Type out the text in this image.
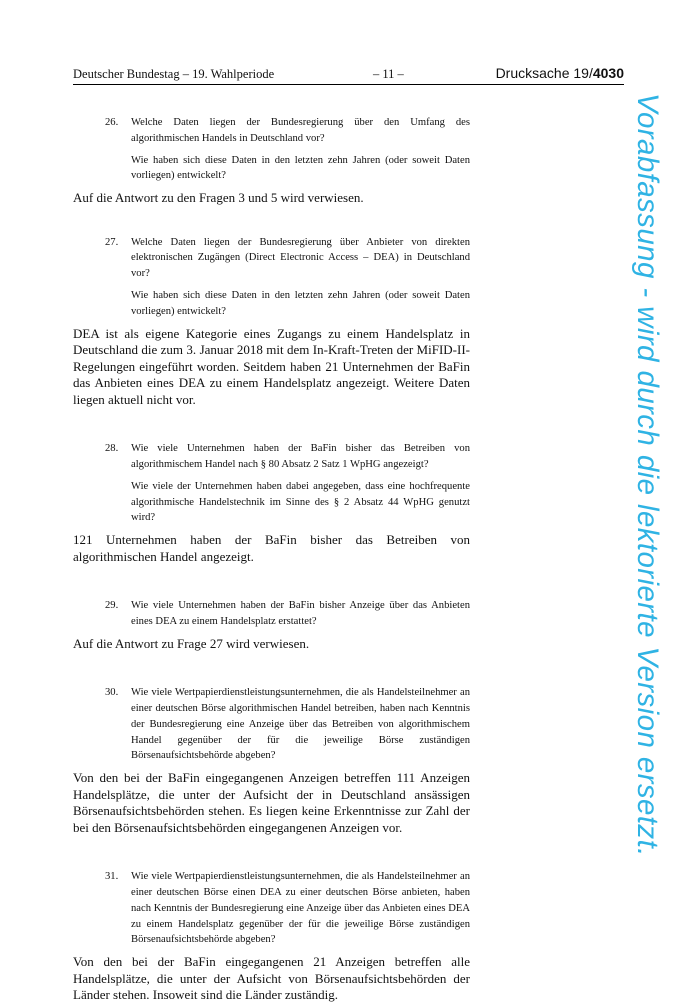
Deutscher Bundestag – 19. Wahlperiode	– 11 –	Drucksache 19/4030
Vorabfassung - wird durch die lektorierte Version ersetzt.
26. Welche Daten liegen der Bundesregierung über den Umfang des algorithmischen Handels in Deutschland vor?

Wie haben sich diese Daten in den letzten zehn Jahren (oder soweit Daten vorliegen) entwickelt?

Auf die Antwort zu den Fragen 3 und 5 wird verwiesen.

27. Welche Daten liegen der Bundesregierung über Anbieter von direkten elektronischen Zugängen (Direct Electronic Access – DEA) in Deutschland vor?

Wie haben sich diese Daten in den letzten zehn Jahren (oder soweit Daten vorliegen) entwickelt?

DEA ist als eigene Kategorie eines Zugangs zu einem Handelsplatz in Deutschland die zum 3. Januar 2018 mit dem In-Kraft-Treten der MiFID-II-Regelungen eingeführt worden. Seitdem haben 21 Unternehmen der BaFin das Anbieten eines DEA zu einem Handelsplatz angezeigt. Weitere Daten liegen aktuell nicht vor.

28. Wie viele Unternehmen haben der BaFin bisher das Betreiben von algorithmischem Handel nach § 80 Absatz 2 Satz 1 WpHG angezeigt?

Wie viele der Unternehmen haben dabei angegeben, dass eine hochfrequente algorithmische Handelstechnik im Sinne des § 2 Absatz 44 WpHG genutzt wird?

121 Unternehmen haben der BaFin bisher das Betreiben von algorithmischen Handel angezeigt.

29. Wie viele Unternehmen haben der BaFin bisher Anzeige über das Anbieten eines DEA zu einem Handelsplatz erstattet?

Auf die Antwort zu Frage 27 wird verwiesen.

30. Wie viele Wertpapierdienstleistungsunternehmen, die als Handelsteilnehmer an einer deutschen Börse algorithmischen Handel betreiben, haben nach Kenntnis der Bundesregierung eine Anzeige über das Betreiben von algorithmischem Handel gegenüber der für die jeweilige Börse zuständigen Börsenaufsichtsbehörde abgeben?

Von den bei der BaFin eingegangenen Anzeigen betreffen 111 Anzeigen Handelsplätze, die unter der Aufsicht der in Deutschland ansässigen Börsenaufsichtsbehörden stehen. Es liegen keine Erkenntnisse zur Zahl der bei den Börsenaufsichtsbehörden eingegangenen Anzeigen vor.

31. Wie viele Wertpapierdienstleistungsunternehmen, die als Handelsteilnehmer an einer deutschen Börse einen DEA zu einer deutschen Börse anbieten, haben nach Kenntnis der Bundesregierung eine Anzeige über das Anbieten eines DEA zu einem Handelsplatz gegenüber der für die jeweilige Börse zuständigen Börsenaufsichtsbehörde abgeben?

Von den bei der BaFin eingegangenen 21 Anzeigen betreffen alle Handelsplätze, die unter der Aufsicht von Börsenaufsichtsbehörden der Länder stehen. Insoweit sind die Länder zuständig.
